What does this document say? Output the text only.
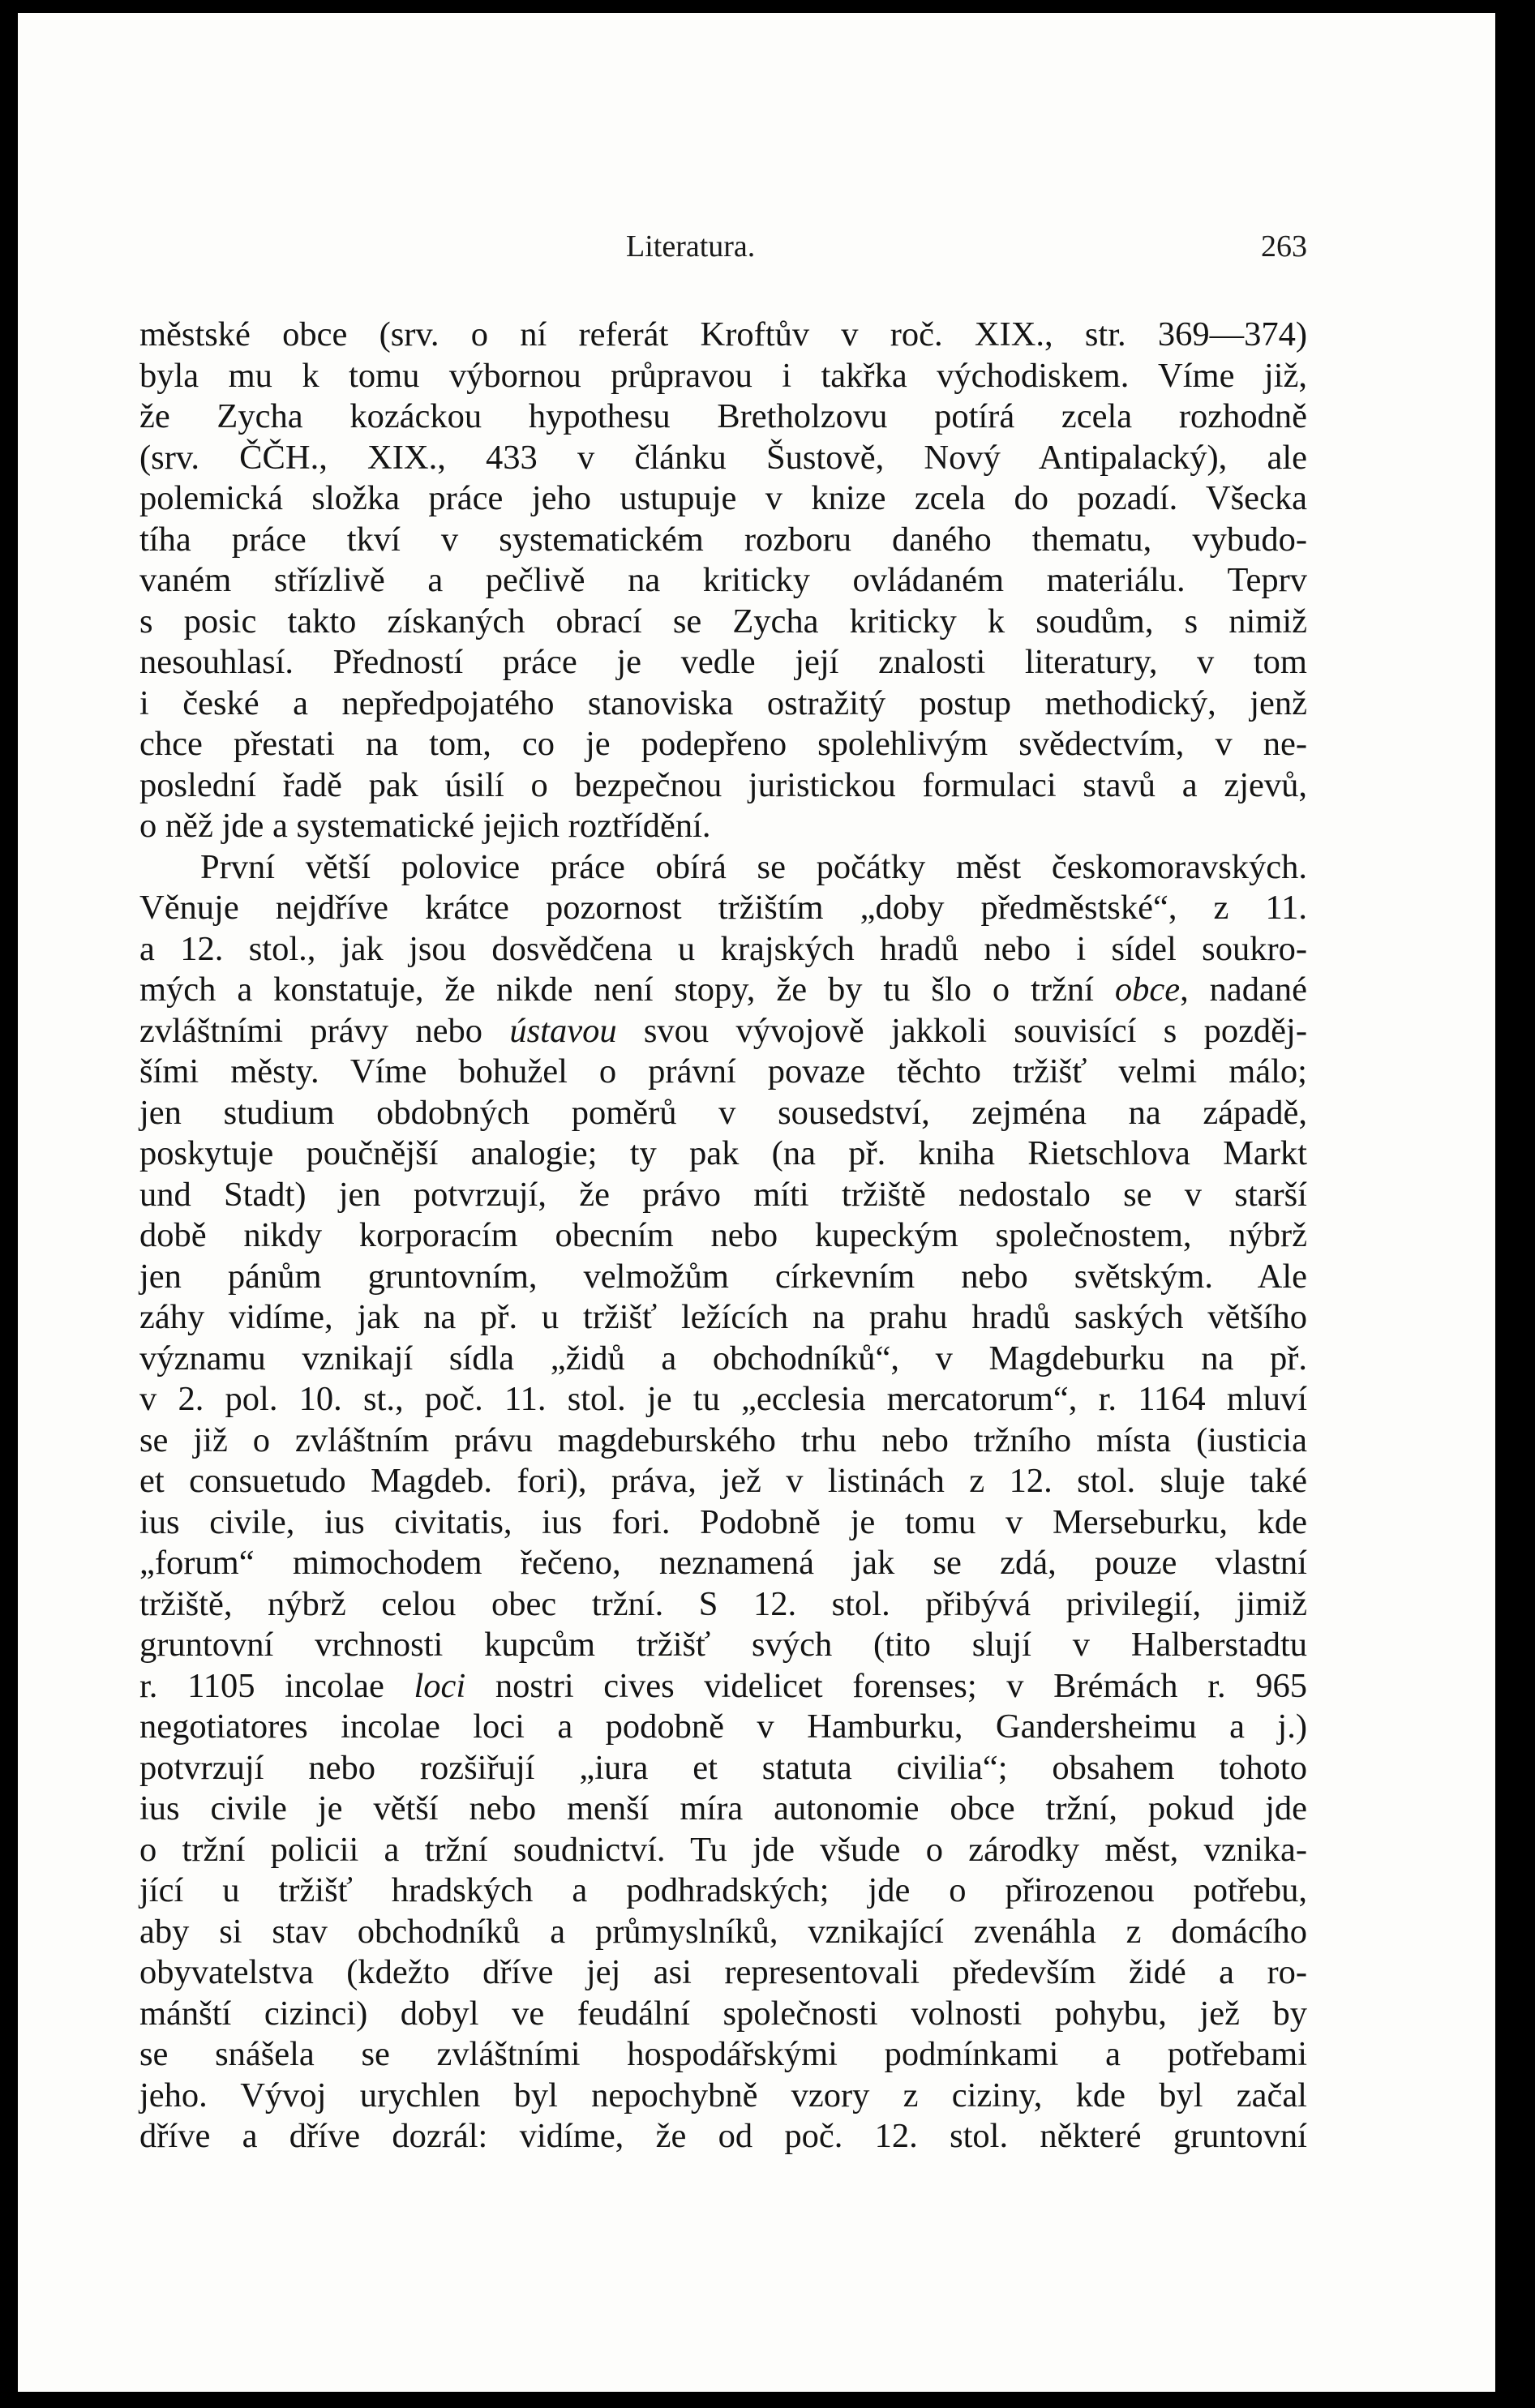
Literatura.	263
městské obce (srv. o ní referát Kroftův v roč. XIX., str. 369—374)
byla mu k tomu výbornou průpravou i takřka východiskem. Víme již,
že Zycha kozáckou hypothesu Bretholzovu potírá zcela rozhodně
(srv. ČČH., XIX., 433 v článku Šustově, Nový Antipalacký), ale
polemická složka práce jeho ustupuje v knize zcela do pozadí. Všecka
tíha práce tkví v systematickém rozboru daného thematu, vybudo-
vaném střízlivě a pečlivě na kriticky ovládaném materiálu. Teprv
s posic takto získaných obrací se Zycha kriticky k soudům, s nimiž
nesouhlasí. Předností práce je vedle její znalosti literatury, v tom
i české a nepředpojatého stanoviska ostražitý postup methodický, jenž
chce přestati na tom, co je podepřeno spolehlivým svědectvím, v ne-
poslední řadě pak úsilí o bezpečnou juristickou formulaci stavů a zjevů,
o něž jde a systematické jejich roztřídění.
První větší polovice práce obírá se počátky měst českomoravských.
Věnuje nejdříve krátce pozornost tržištím „doby předměstské“, z 11.
a 12. stol., jak jsou dosvědčena u krajských hradů nebo i sídel soukro-
mých a konstatuje, že nikde není stopy, že by tu šlo o tržní obce, nadané
zvláštními právy nebo ústavou svou vývojově jakkoli souvisící s pozděj-
šími městy. Víme bohužel o právní povaze těchto tržišť velmi málo;
jen studium obdobných poměrů v sousedství, zejména na západě,
poskytuje poučnější analogie; ty pak (na př. kniha Rietschlova Markt
und Stadt) jen potvrzují, že právo míti tržiště nedostalo se v starší
době nikdy korporacím obecním nebo kupeckým společnostem, nýbrž
jen pánům gruntovním, velmožům církevním nebo světským. Ale
záhy vidíme, jak na př. u tržišť ležících na prahu hradů saských většího
významu vznikají sídla „židů a obchodníků“, v Magdeburku na př.
v 2. pol. 10. st., poč. 11. stol. je tu „ecclesia mercatorum“, r. 1164 mluví
se již o zvláštním právu magdeburského trhu nebo tržního místa (iusticia
et consuetudo Magdeb. fori), práva, jež v listinách z 12. stol. sluje také
ius civile, ius civitatis, ius fori. Podobně je tomu v Merseburku, kde
„forum“ mimochodem řečeno, neznamená jak se zdá, pouze vlastní
tržiště, nýbrž celou obec tržní. S 12. stol. přibývá privilegií, jimiž
gruntovní vrchnosti kupcům tržišť svých (tito slují v Halberstadtu
r. 1105 incolae loci nostri cives videlicet forenses; v Brémách r. 965
negotiatores incolae loci a podobně v Hamburku, Gandersheimu a j.)
potvrzují nebo rozšiřují „iura et statuta civilia“; obsahem tohoto
ius civile je větší nebo menší míra autonomie obce tržní, pokud jde
o tržní policii a tržní soudnictví. Tu jde všude o zárodky měst, vznika-
jící u tržišť hradských a podhradských; jde o přirozenou potřebu,
aby si stav obchodníků a průmyslníků, vznikající zvenáhla z domácího
obyvatelstva (kdežto dříve jej asi representovali především židé a ro-
mánští cizinci) dobyl ve feudální společnosti volnosti pohybu, jež by
se snášela se zvláštními hospodářskými podmínkami a potřebami
jeho. Vývoj urychlen byl nepochybně vzory z ciziny, kde byl začal
dříve a dříve dozrál: vidíme, že od poč. 12. stol. některé gruntovní
